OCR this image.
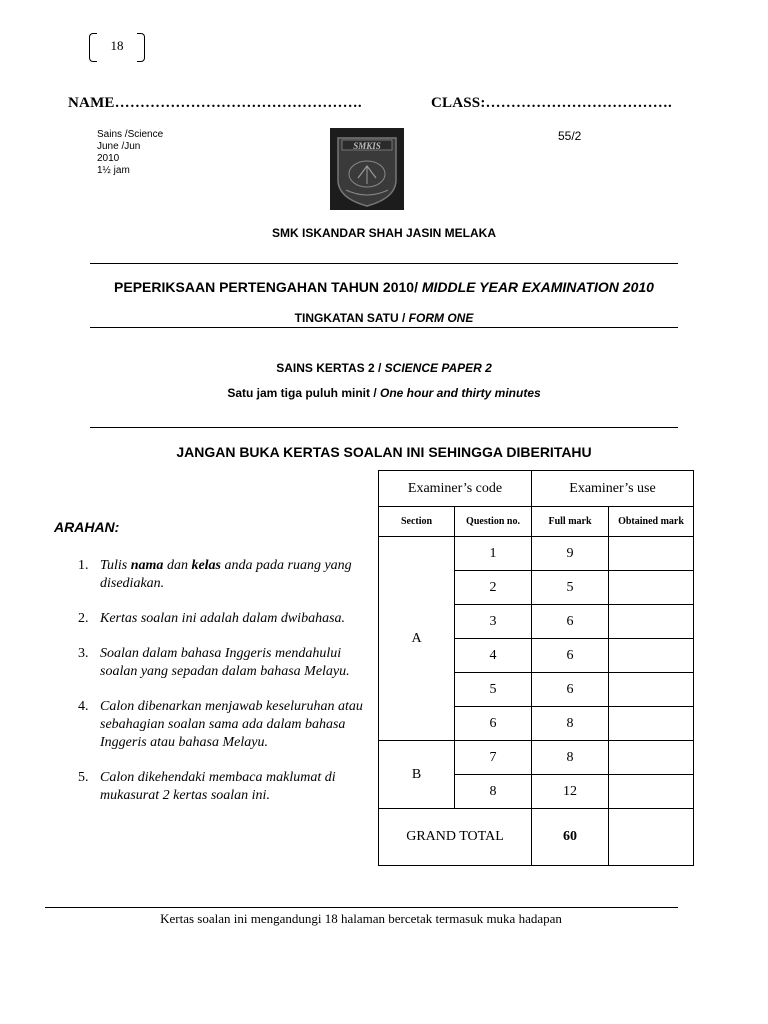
18
NAME………………………………………….	CLASS:……………………………….
Sains /Science
June /Jun
2010
1½ jam
SMKIS
55/2
SMK ISKANDAR SHAH JASIN MELAKA
PEPERIKSAAN PERTENGAHAN TAHUN 2010/ MIDDLE YEAR EXAMINATION 2010
TINGKATAN SATU / FORM ONE
SAINS KERTAS 2 / SCIENCE PAPER 2
Satu jam tiga puluh minit / One hour and thirty minutes
JANGAN BUKA KERTAS SOALAN INI SEHINGGA DIBERITAHU
ARAHAN:
1. Tulis nama dan kelas anda pada ruang yang disediakan.
2. Kertas soalan ini adalah dalam dwibahasa.
3. Soalan dalam bahasa Inggeris mendahului soalan yang sepadan dalam bahasa Melayu.
4. Calon dibenarkan menjawab keseluruhan atau sebahagian soalan sama ada dalam bahasa Inggeris atau bahasa Melayu.
5. Calon dikehendaki membaca maklumat di mukasurat 2 kertas soalan ini.
Examiner’s code		Examiner’s use	
Section	Question no.	Full mark	Obtained mark
A	1	9	
	2	5	
	3	6	
	4	6	
	5	6	
	6	8	
B	7	8	
	8	12	
GRAND TOTAL		60	
Kertas soalan ini mengandungi 18 halaman bercetak termasuk muka hadapan
